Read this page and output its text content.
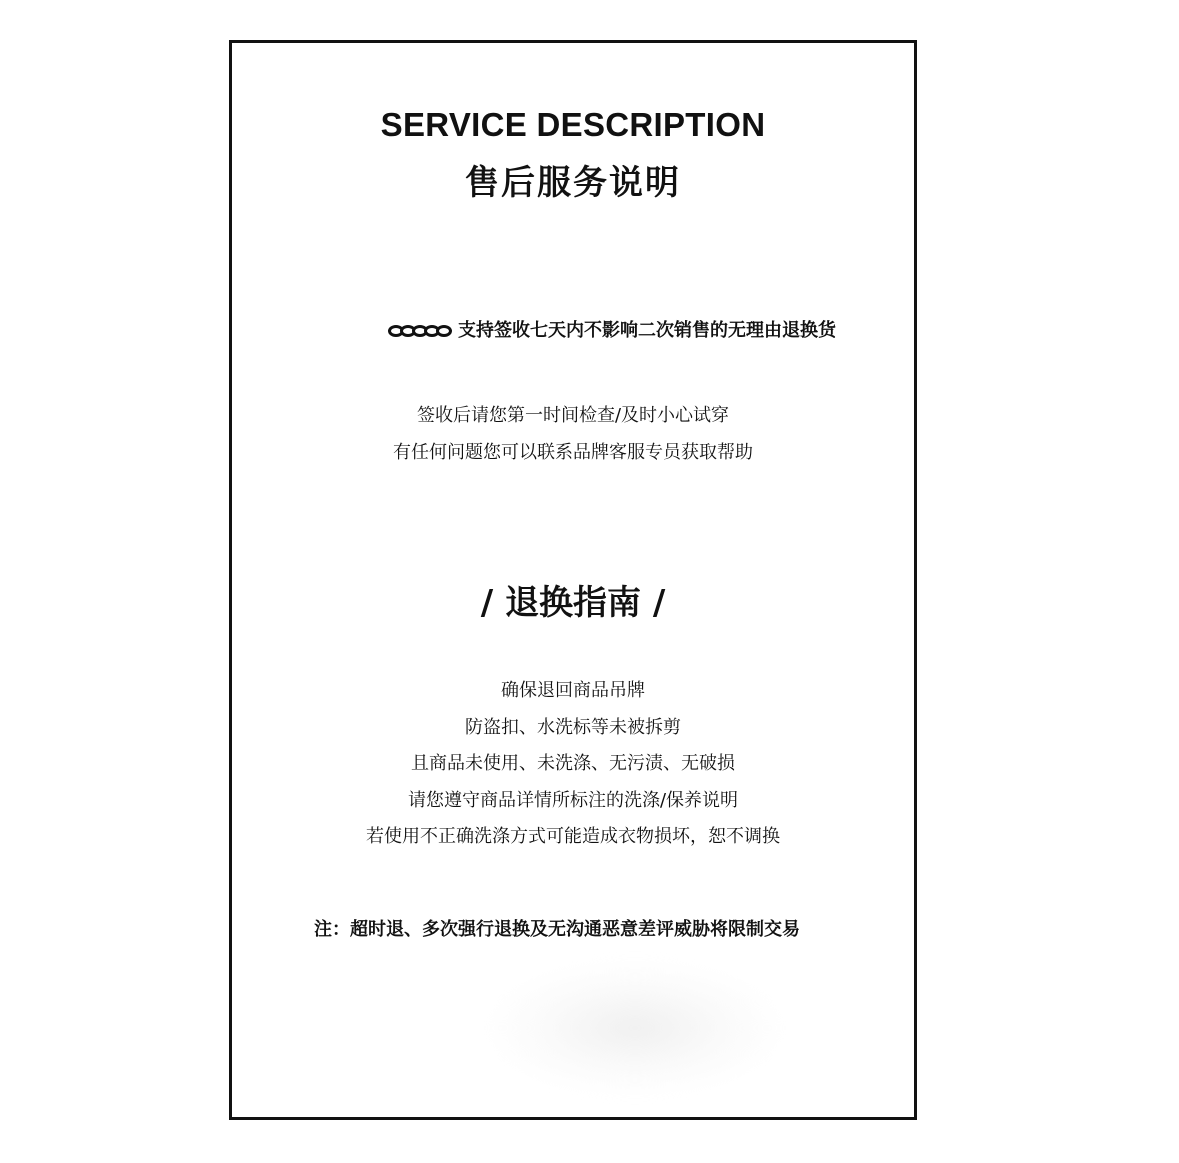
SERVICE DESCRIPTION
售后服务说明
支持签收七天内不影响二次销售的无理由退换货
签收后请您第一时间检查/及时小心试穿
有任何问题您可以联系品牌客服专员获取帮助
/ 退换指南 /
确保退回商品吊牌
防盗扣、水洗标等未被拆剪
且商品未使用、未洗涤、无污渍、无破损
请您遵守商品详情所标注的洗涤/保养说明
若使用不正确洗涤方式可能造成衣物损坏，恕不调换
注：超时退、多次强行退换及无沟通恶意差评威胁将限制交易
